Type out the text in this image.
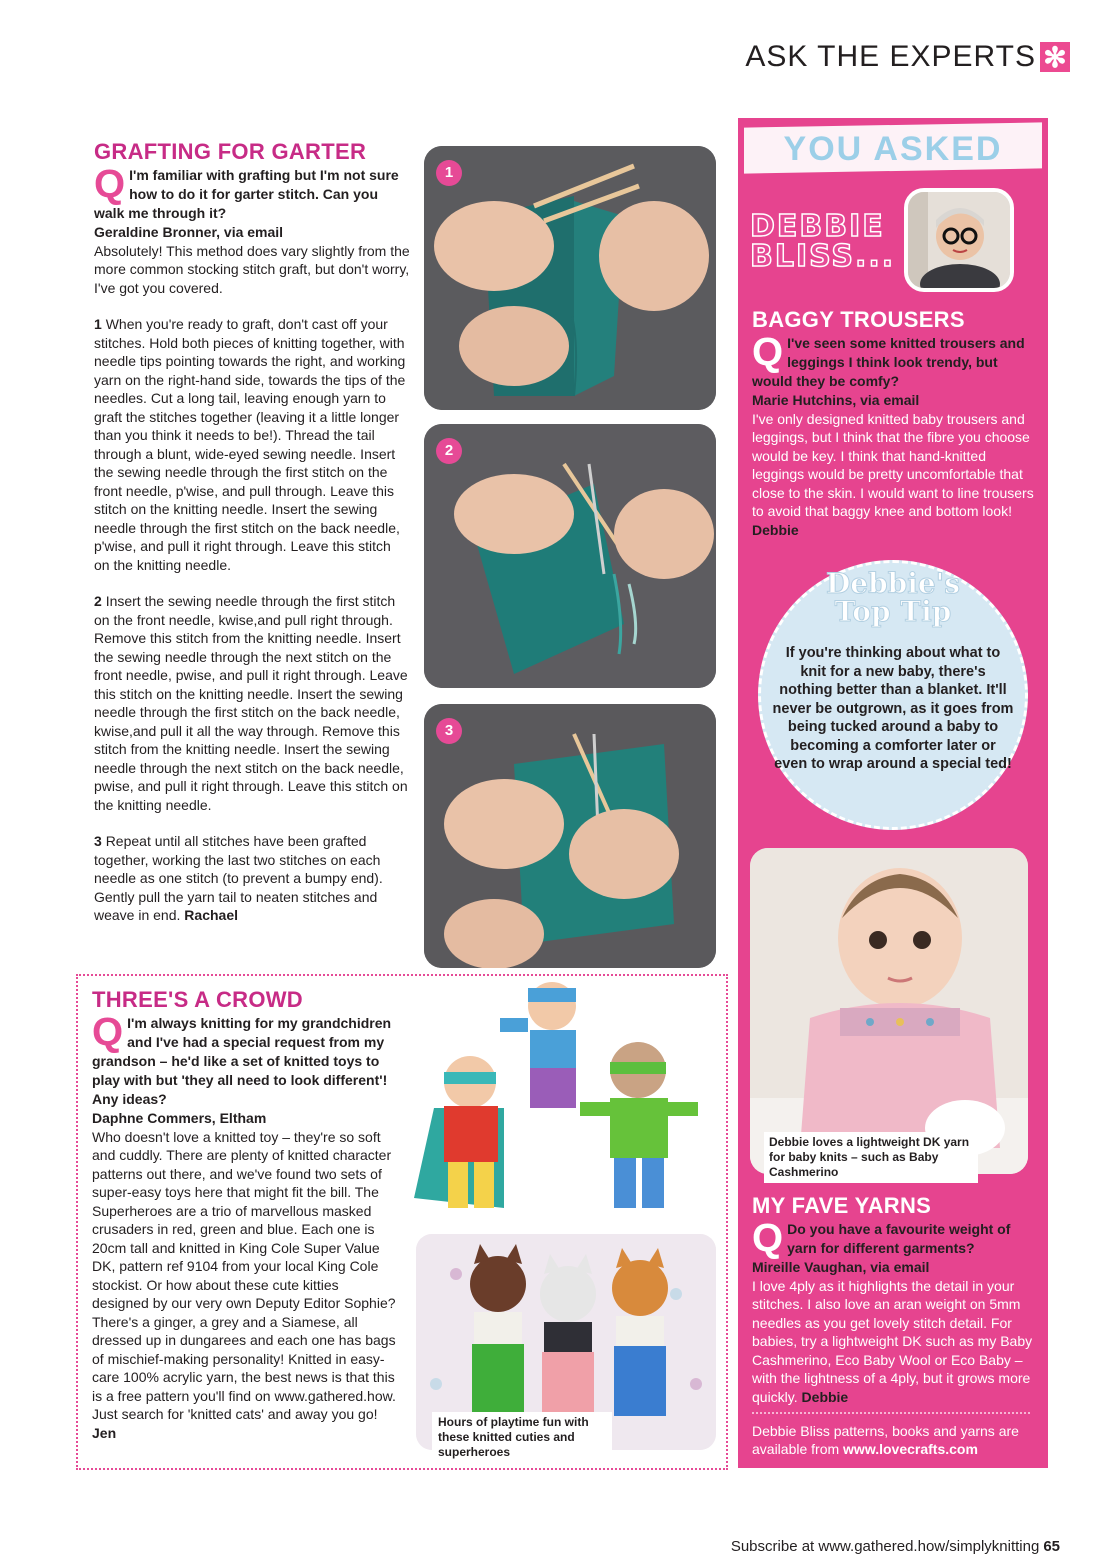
ASK THE EXPERTS ✻
GRAFTING FOR GARTER
Q I'm familiar with grafting but I'm not sure how to do it for garter stitch. Can you walk me through it?
Geraldine Bronner, via email
Absolutely! This method does vary slightly from the more common stocking stitch graft, but don't worry, I've got you covered.
1 When you're ready to graft, don't cast off your stitches. Hold both pieces of knitting together, with needle tips pointing towards the right, and working yarn on the right-hand side, towards the tips of the needles. Cut a long tail, leaving enough yarn to graft the stitches together (leaving it a little longer than you think it needs to be!). Thread the tail through a blunt, wide-eyed sewing needle. Insert the sewing needle through the first stitch on the front needle, p'wise, and pull through. Leave this stitch on the knitting needle. Insert the sewing needle through the first stitch on the back needle, p'wise, and pull it right through. Leave this stitch on the knitting needle.
2 Insert the sewing needle through the first stitch on the front needle, kwise,and pull right through. Remove this stitch from the knitting needle. Insert the sewing needle through the next stitch on the front needle, pwise, and pull it right through. Leave this stitch on the knitting needle. Insert the sewing needle through the first stitch on the back needle, kwise,and pull it all the way through. Remove this stitch from the knitting needle. Insert the sewing needle through the next stitch on the back needle, pwise, and pull it right through. Leave this stitch on the knitting needle.
3 Repeat until all stitches have been grafted together, working the last two stitches on each needle as one stitch (to prevent a bumpy end). Gently pull the yarn tail to neaten stitches and weave in end. Rachael
1
2
3
THREE'S A CROWD
Q I'm always knitting for my grandchidren and I've had a special request from my grandson – he'd like a set of knitted toys to play with but 'they all need to look different'! Any ideas?
Daphne Commers, Eltham
Who doesn't love a knitted toy – they're so soft and cuddly. There are plenty of knitted character patterns out there, and we've found two sets of super-easy toys here that might fit the bill. The Superheroes are a trio of marvellous masked crusaders in red, green and blue. Each one is 20cm tall and knitted in King Cole Super Value DK, pattern ref 9104 from your local King Cole stockist. Or how about these cute kitties designed by our very own Deputy Editor Sophie? There's a ginger, a grey and a Siamese, all dressed up in dungarees and each one has bags of mischief-making personality! Knitted in easy-care 100% acrylic yarn, the best news is that this is a free pattern you'll find on www.gathered.how. Just search for 'knitted cats' and away you go! Jen
Hours of playtime fun with these knitted cuties and superheroes
YOU ASKED
DEBBIE
BLISS...
BAGGY TROUSERS
Q I've seen some knitted trousers and leggings I think look trendy, but would they be comfy?
Marie Hutchins, via email
I've only designed knitted baby trousers and leggings, but I think that the fibre you choose would be key. I think that hand-knitted leggings would be pretty uncomfortable that close to the skin. I would want to line trousers to avoid that baggy knee and bottom look! Debbie
Debbie's
Top Tip
If you're thinking about what to knit for a new baby, there's nothing better than a blanket. It'll never be outgrown, as it goes from being tucked around a baby to becoming a comforter later or even to wrap around a special ted!
Debbie loves a lightweight DK yarn for baby knits – such as Baby Cashmerino
MY FAVE YARNS
Q Do you have a favourite weight of yarn for different garments?
Mireille Vaughan, via email
I love 4ply as it highlights the detail in your stitches. I also love an aran weight on 5mm needles as you get lovely stitch detail. For babies, try a lightweight DK such as my Baby Cashmerino, Eco Baby Wool or Eco Baby – with the lightness of a 4ply, but it grows more quickly. Debbie
Debbie Bliss patterns, books and yarns are available from www.lovecrafts.com
Subscribe at www.gathered.how/simplyknitting 65
